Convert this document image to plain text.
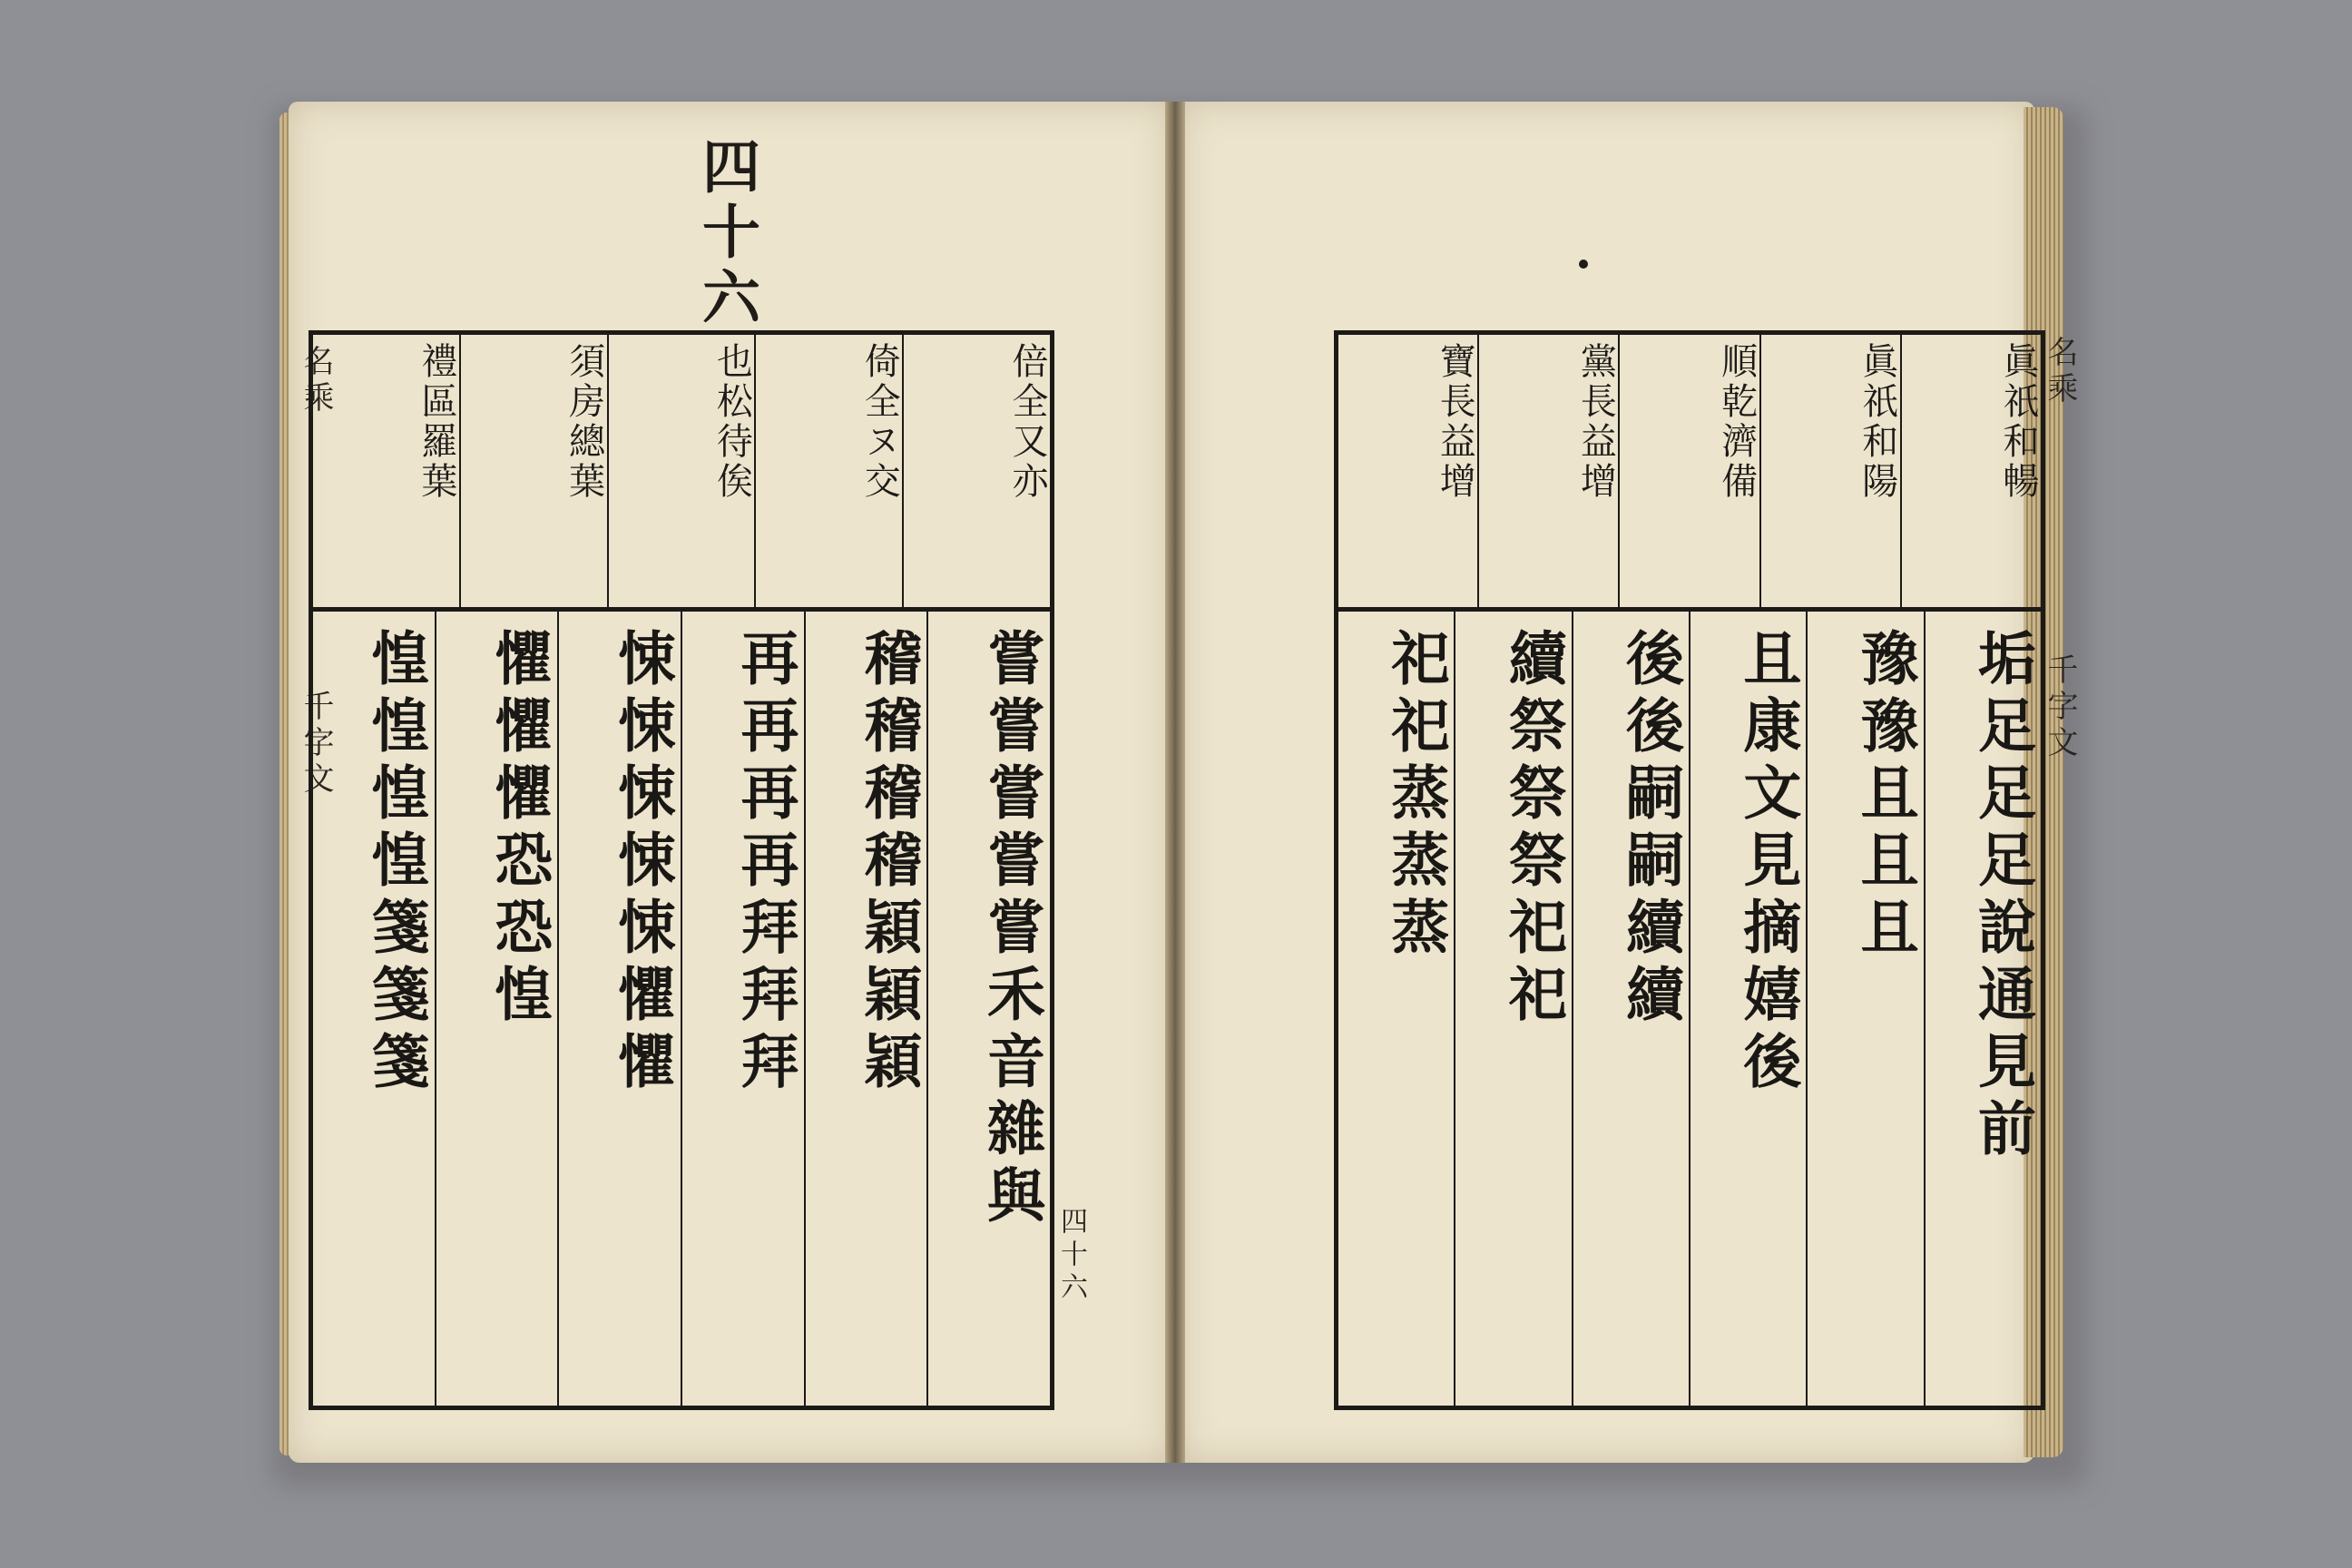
四十六
名乘
千字文
四十六
名乘
千字文
倍全又亦
倚全ヌ交
也松待俟
須房總葉
禮區羅葉
嘗嘗嘗嘗嘗禾音雜與
稽稽稽稽穎穎穎
再再再再拜拜拜
悚悚悚悚悚懼懼
懼懼懼恐恐惶
惶惶惶惶箋箋箋
眞祇和暢
眞祇和陽
順乾濟備
黨長益增
寶長益增
垢足足足說通見前
豫豫且且且
且康文見摘嬉後
後後嗣嗣續續
續祭祭祭祀祀
祀祀蒸蒸蒸
